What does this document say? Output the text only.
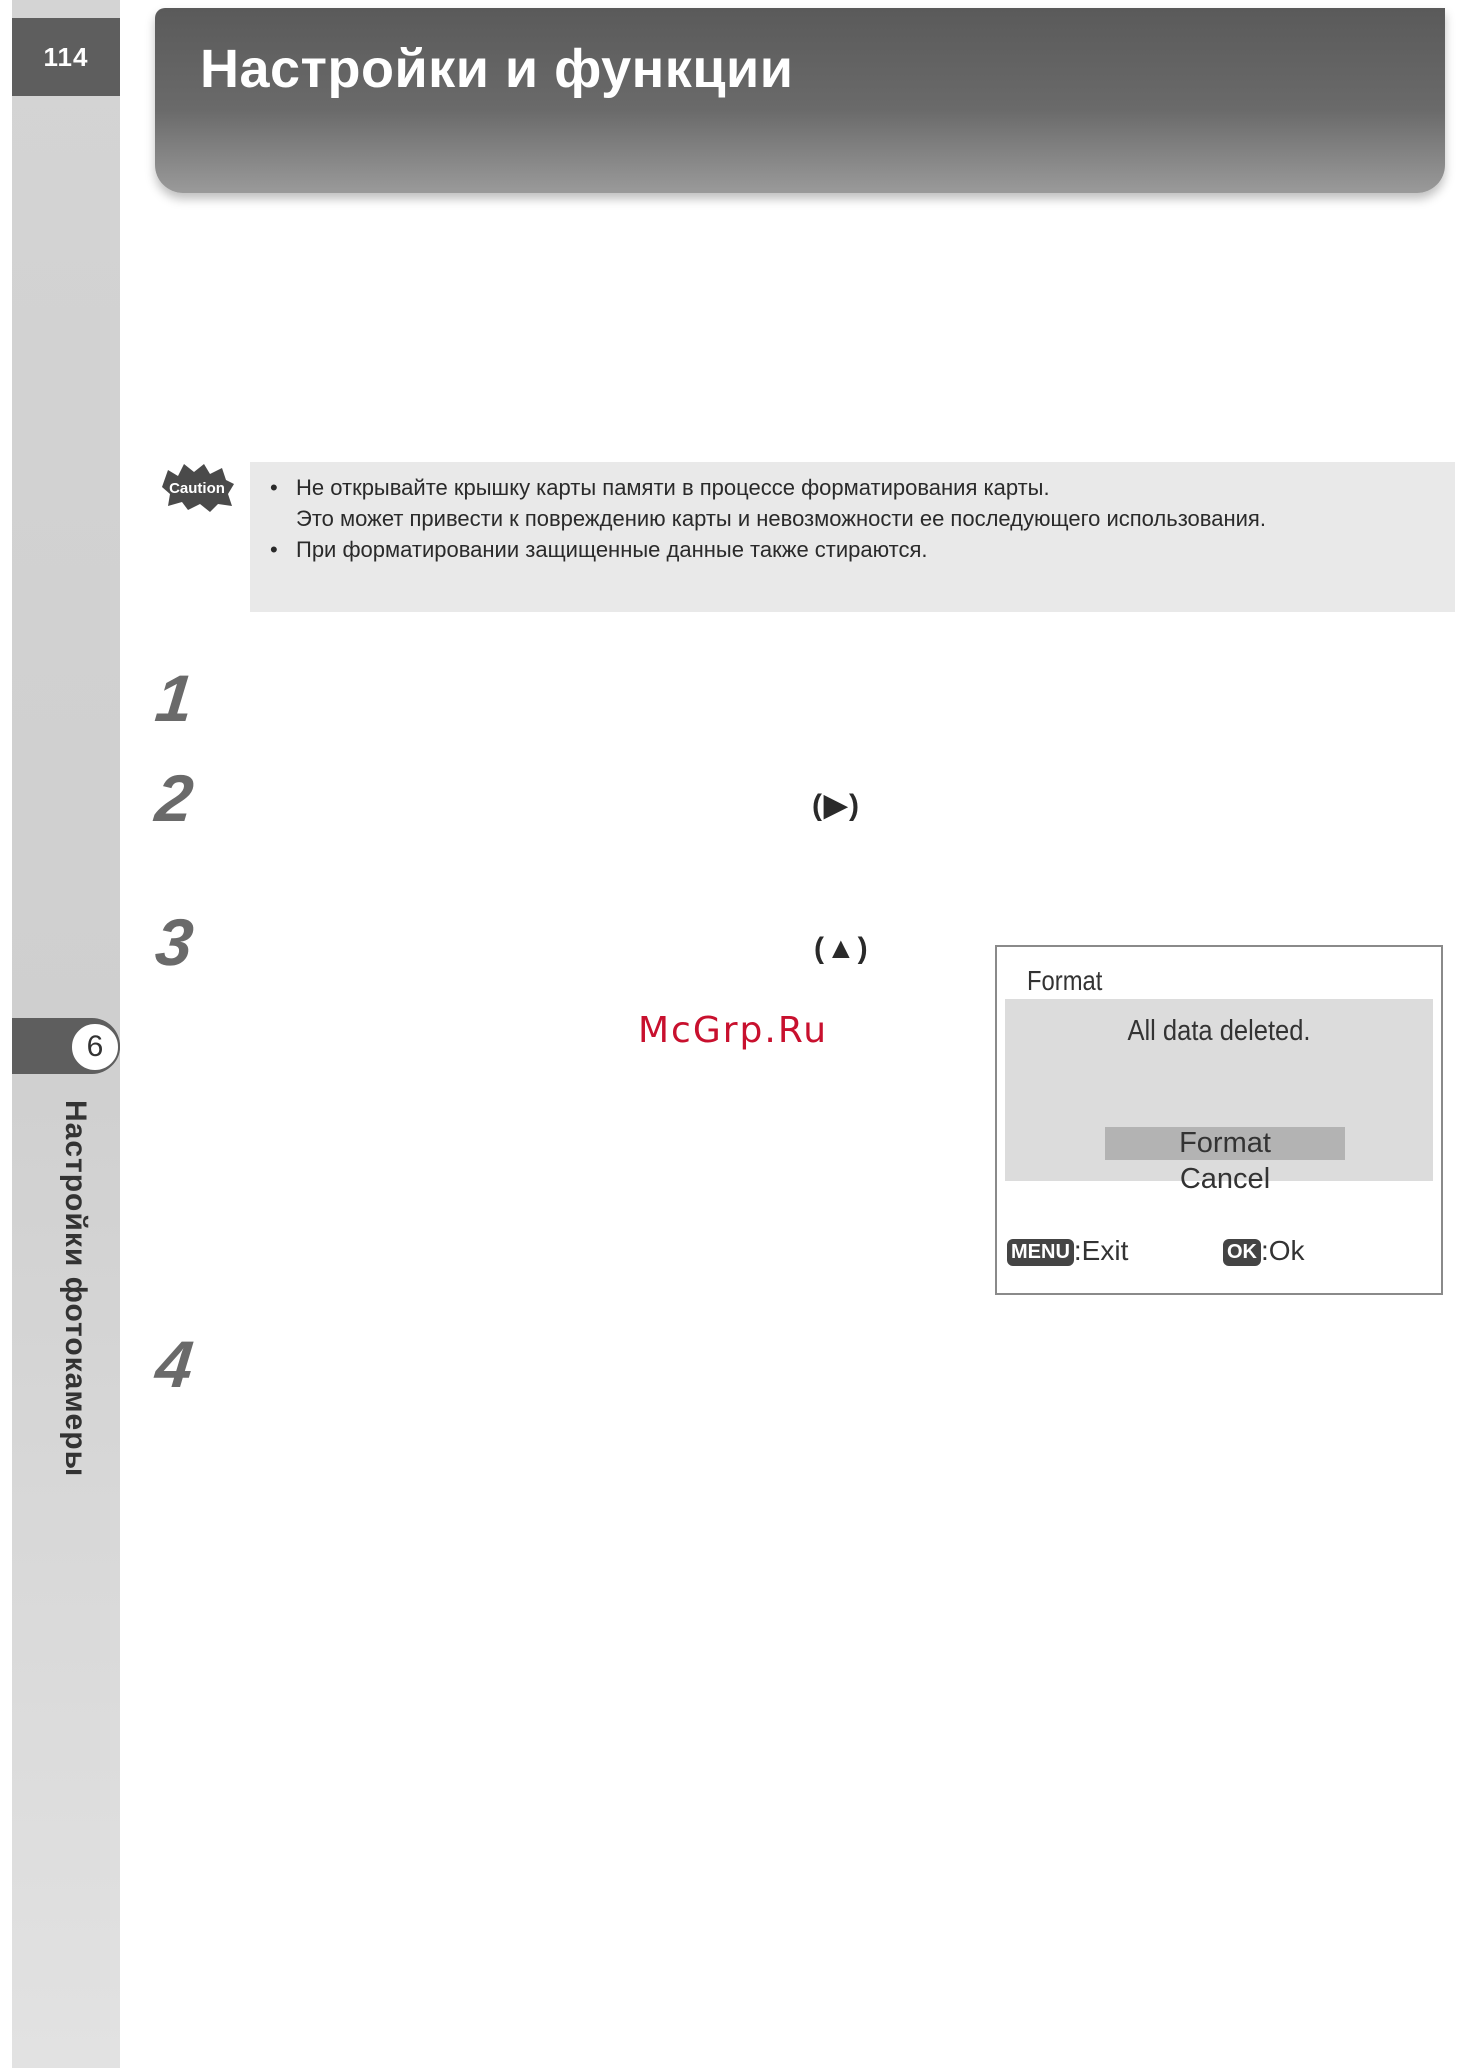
114	Настройки и функции
Caution
•	Не открывайте крышку карты памяти в процессе форматирования карты.
Это может привести к повреждению карты и невозможности ее последующего использования.
• При форматировании защищенные данные также стираются.
1
2	(▶)
3	(▲)
4
McGrp.Ru
6
Настройки фотокамеры
Format
All data deleted.
Format
Cancel
MENU :Exit	OK :Ok
